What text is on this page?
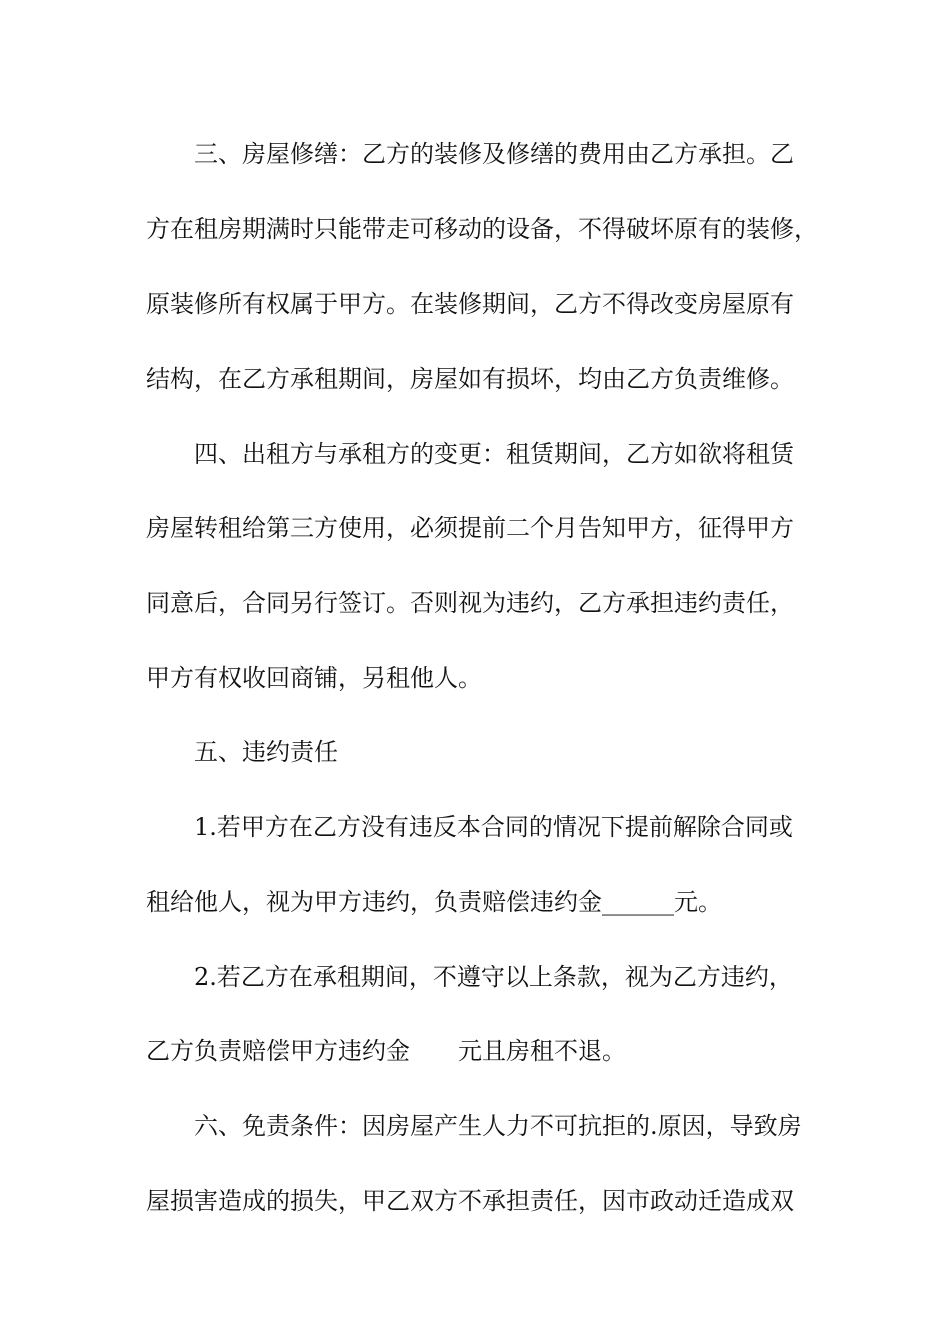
三、房屋修缮：乙方的装修及修缮的费用由乙方承担。乙
方在租房期满时只能带走可移动的设备，不得破坏原有的装修，
原装修所有权属于甲方。在装修期间，乙方不得改变房屋原有
结构，在乙方承租期间，房屋如有损坏，均由乙方负责维修。
四、出租方与承租方的变更：租赁期间，乙方如欲将租赁
房屋转租给第三方使用，必须提前二个月告知甲方，征得甲方
同意后，合同另行签订。否则视为违约，乙方承担违约责任，
甲方有权收回商铺，另租他人。
五、违约责任
1.若甲方在乙方没有违反本合同的情况下提前解除合同或
租给他人，视为甲方违约，负责赔偿违约金______元。
2.若乙方在承租期间，不遵守以上条款，视为乙方违约，
乙方负责赔偿甲方违约金　　元且房租不退。
六、免责条件：因房屋产生人力不可抗拒的.原因，导致房
屋损害造成的损失，甲乙双方不承担责任，因市政动迁造成双
